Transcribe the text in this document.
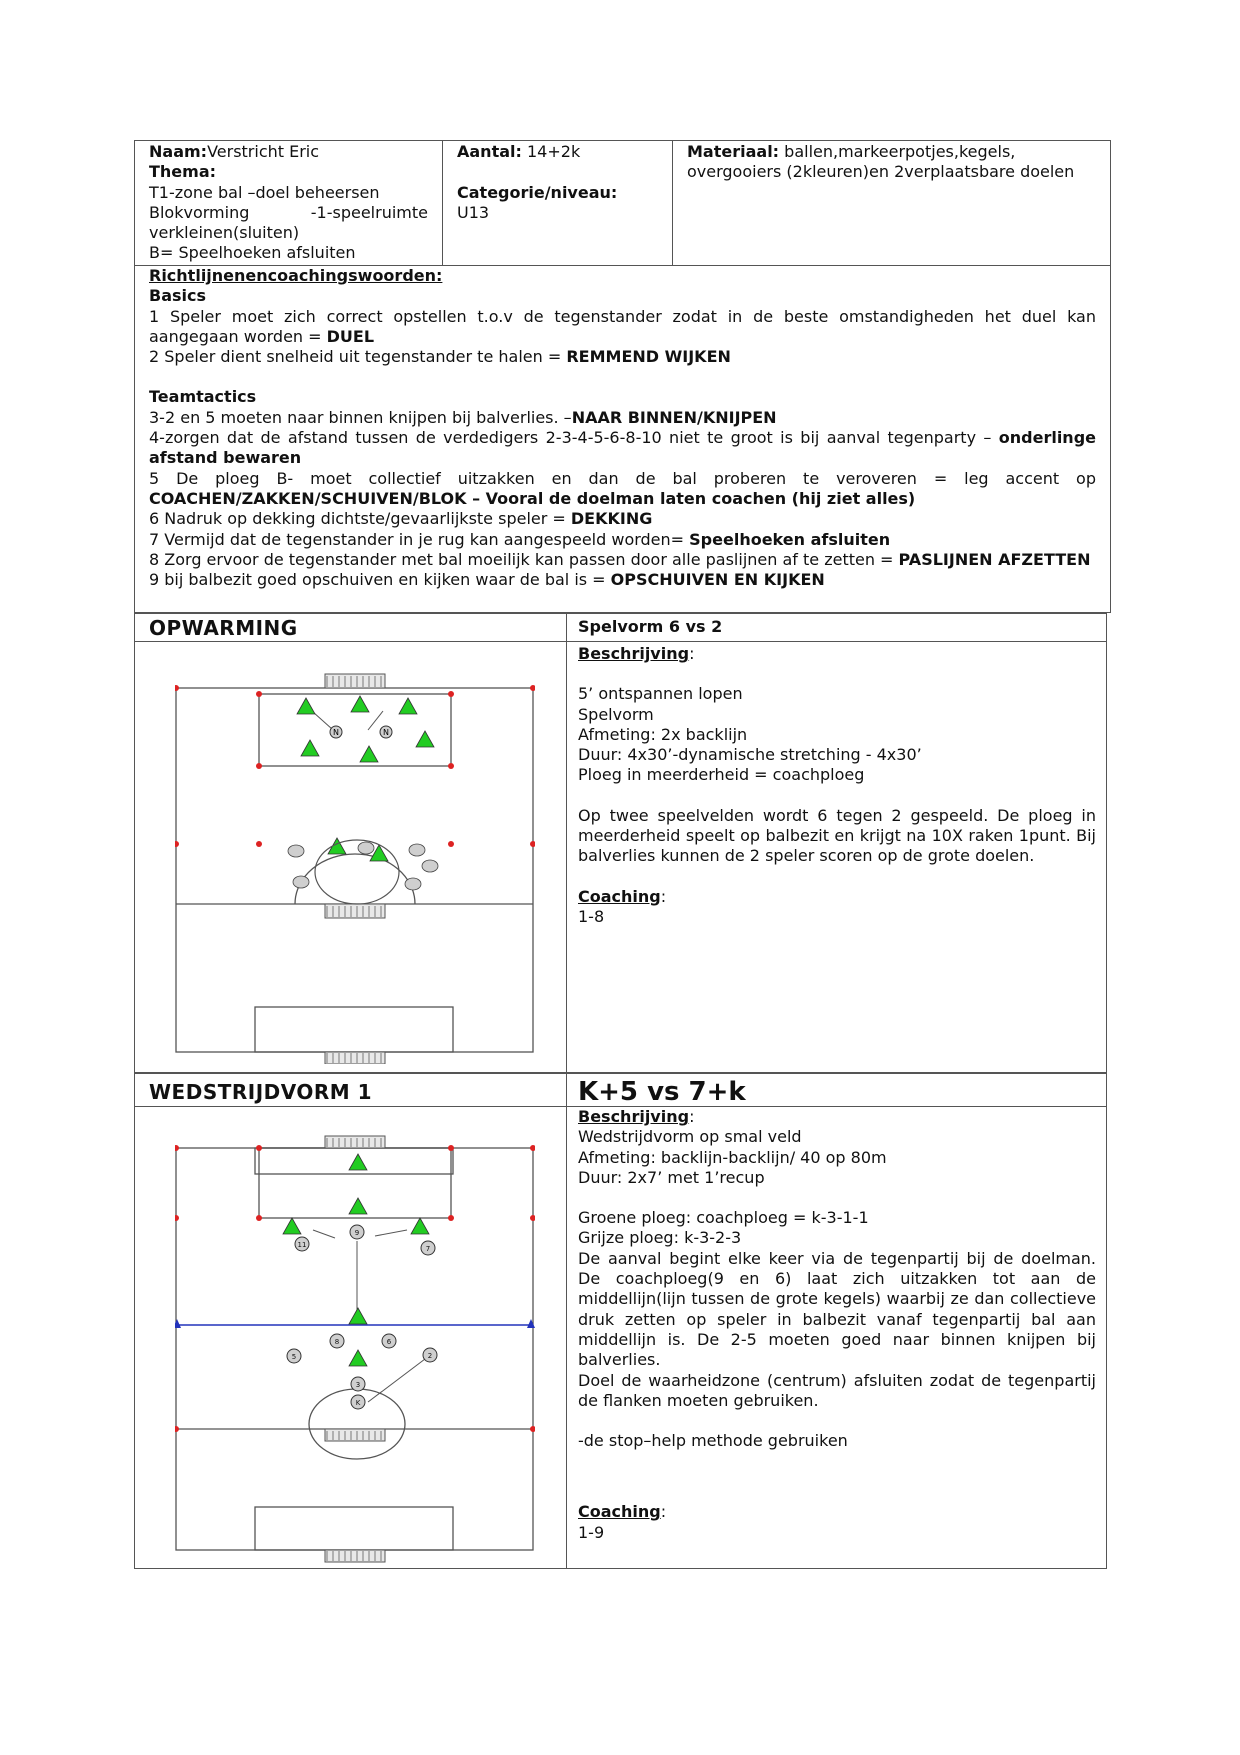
Naam:Verstricht Eric
Thema:
T1-zone bal –doel beheersen
Blokvorming -1-speelruimte
verkleinen(sluiten)
B= Speelhoeken afsluiten
Aantal: 14+2k
Categorie/niveau:
U13
Materiaal: ballen,markeerpotjes,kegels, overgooiers (2kleuren)en 2verplaatsbare doelen

Richtlijnenencoachingswoorden:

Basics

1 Speler moet zich correct opstellen t.o.v de tegenstander zodat in de beste omstandigheden het duel kan aangegaan worden = DUEL

2 Speler dient snelheid uit tegenstander te halen = REMMEND WIJKEN

Teamtactics

3-2 en 5 moeten naar binnen knijpen bij balverlies. –NAAR BINNEN/KNIJPEN

4-zorgen dat de afstand tussen de verdedigers 2-3-4-5-6-8-10 niet te groot is bij aanval tegenparty – onderlinge afstand bewaren

5 De ploeg B- moet collectief uitzakken en dan de bal proberen te veroveren = leg accent op COACHEN/ZAKKEN/SCHUIVEN/BLOK – Vooral de doelman laten coachen (hij ziet alles)

6 Nadruk op dekking dichtste/gevaarlijkste speler = DEKKING

7 Vermijd dat de tegenstander in je rug kan aangespeeld worden= Speelhoeken afsluiten

8 Zorg ervoor de tegenstander met bal moeilijk kan passen door alle paslijnen af te zetten = PASLIJNEN AFZETTEN

9 bij balbezit goed opschuiven en kijken waar de bal is = OPSCHUIVEN EN KIJKEN

OPWARMING	Spelvorm 6 vs 2
N	N

Beschrijving:

5’ ontspannen lopen

Spelvorm

Afmeting: 2x backlijn

Duur: 4x30’-dynamische stretching - 4x30’

Ploeg in meerderheid = coachploeg

Op twee speelvelden wordt 6 tegen 2 gespeeld. De ploeg in meerderheid speelt op balbezit en krijgt na 10X raken 1punt. Bij balverlies kunnen de 2 speler scoren op de grote doelen.

Coaching:

1-8

WEDSTRIJDVORM 1	K+5 vs 7+k
11
9
7
8	6
5	2
3
K

Beschrijving:

Wedstrijdvorm op smal veld

Afmeting: backlijn-backlijn/ 40 op 80m

Duur: 2x7’ met 1’recup

Groene ploeg: coachploeg = k-3-1-1

Grijze ploeg: k-3-2-3

De aanval begint elke keer via de tegenpartij bij de doelman. De coachploeg(9 en 6) laat zich uitzakken tot aan de middellijn(lijn tussen de grote kegels) waarbij ze dan collectieve druk zetten op speler in balbezit vanaf tegenpartij bal aan middellijn is. De 2-5 moeten goed naar binnen knijpen bij balverlies.

Doel de waarheidzone (centrum) afsluiten zodat de tegenpartij de flanken moeten gebruiken.

-de stop–help methode gebruiken

Coaching:

1-9
